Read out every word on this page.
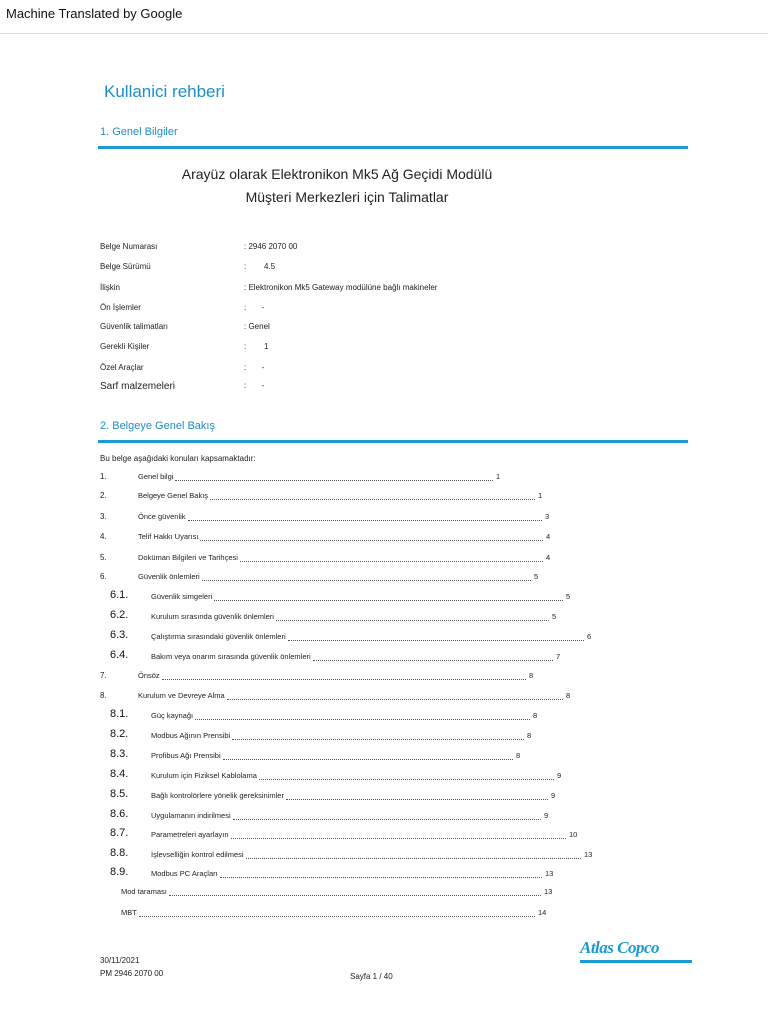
Machine Translated by Google
Kullanici rehberi
1. Genel Bilgiler
Arayüz olarak Elektronikon Mk5 Ağ Geçidi Modülü
Müşteri Merkezleri için Talimatlar
Belge Numarası	: 2946 2070 00
Belge Sürümü	:        4.5
İlişkin	: Elektronikon Mk5 Gateway modülüne bağlı makineler
Ön İşlemler	:       -
Güvenlik talimatları	: Genel
Gerekli Kişiler	:        1
Özel Araçlar	:       -
Sarf malzemeleri	:       -
2. Belgeye Genel Bakış
Bu belge aşağıdaki konuları kapsamaktadır:
1.	Genel bilgi	1
2.	Belgeye Genel Bakış	1
3.	Önce güvenlik	3
4.	Telif Hakkı Uyarısı	4
5.	Doküman Bilgileri ve Tarihçesi	4
6.	Güvenlik önlemleri	5
6.1.	Güvenlik simgeleri	5
6.2.	Kurulum sırasında güvenlik önlemleri	5
6.3.	Çalıştırma sırasındaki güvenlik önlemleri	6
6.4.	Bakım veya onarım sırasında güvenlik önlemleri	7
7.	Önsöz	8
8.	Kurulum ve Devreye Alma	8
8.1.	Güç kaynağı	8
8.2.	Modbus Ağının Prensibi	8
8.3.	Profibus Ağı Prensibi	8
8.4.	Kurulum için Fiziksel Kablolama	9
8.5.	Bağlı kontrolörlere yönelik gereksinimler	9
8.6.	Uygulamanın indirilmesi	9
8.7.	Parametreleri ayarlayın	10
8.8.	İşlevselliğin kontrol edilmesi	13
8.9.	Modbus PC Araçları	13
Mod taraması	13
MBT	14
30/11/2021
PM 2946 2070 00	Sayfa 1 / 40
Atlas Copco
